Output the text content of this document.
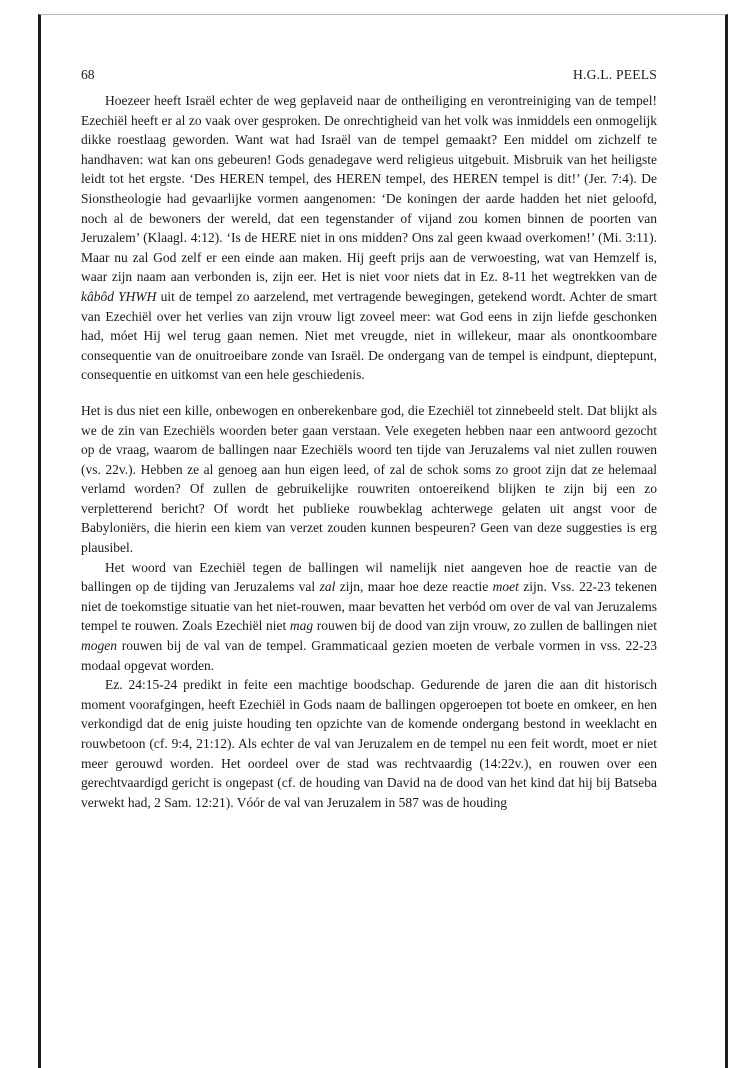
68	H.G.L. PEELS

Hoezeer heeft Israël echter de weg geplaveid naar de ontheiliging en verontreiniging van de tempel! Ezechiël heeft er al zo vaak over gesproken. De onrechtigheid van het volk was inmiddels een onmogelijk dikke roestlaag geworden. Want wat had Israël van de tempel gemaakt? Een middel om zichzelf te handhaven: wat kan ons gebeuren! Gods genadegave werd religieus uitgebuit. Misbruik van het heiligste leidt tot het ergste. ‘Des HEREN tempel, des HEREN tempel, des HEREN tempel is dit!’ (Jer. 7:4). De Sionstheologie had gevaarlijke vormen aangenomen: ‘De koningen der aarde hadden het niet geloofd, noch al de bewoners der wereld, dat een tegenstander of vijand zou komen binnen de poorten van Jeruzalem’ (Klaagl. 4:12). ‘Is de HERE niet in ons midden? Ons zal geen kwaad overkomen!’ (Mi. 3:11). Maar nu zal God zelf er een einde aan maken. Hij geeft prijs aan de verwoesting, wat van Hemzelf is, waar zijn naam aan verbonden is, zijn eer. Het is niet voor niets dat in Ez. 8-11 het wegtrekken van de kâbôd YHWH uit de tempel zo aarzelend, met vertragende bewegingen, getekend wordt. Achter de smart van Ezechiël over het verlies van zijn vrouw ligt zoveel meer: wat God eens in zijn liefde geschonken had, móet Hij wel terug gaan nemen. Niet met vreugde, niet in willekeur, maar als onontkoombare consequentie van de onuitroeibare zonde van Israël. De ondergang van de tempel is eindpunt, dieptepunt, consequentie en uitkomst van een hele geschiedenis.

Het is dus niet een kille, onbewogen en onberekenbare god, die Ezechiël tot zinnebeeld stelt. Dat blijkt als we de zin van Ezechiëls woorden beter gaan verstaan. Vele exegeten hebben naar een antwoord gezocht op de vraag, waarom de ballingen naar Ezechiëls woord ten tijde van Jeruzalems val niet zullen rouwen (vs. 22v.). Hebben ze al genoeg aan hun eigen leed, of zal de schok soms zo groot zijn dat ze helemaal verlamd worden? Of zullen de gebruikelijke rouwriten ontoereikend blijken te zijn bij een zo verpletterend bericht? Of wordt het publieke rouwbeklag achterwege gelaten uit angst voor de Babyloniërs, die hierin een kiem van verzet zouden kunnen bespeuren? Geen van deze suggesties is erg plausibel.

Het woord van Ezechiël tegen de ballingen wil namelijk niet aangeven hoe de reactie van de ballingen op de tijding van Jeruzalems val zal zijn, maar hoe deze reactie moet zijn. Vss. 22-23 tekenen niet de toekomstige situatie van het niet-rouwen, maar bevatten het verbód om over de val van Jeruzalems tempel te rouwen. Zoals Ezechiël niet mag rouwen bij de dood van zijn vrouw, zo zullen de ballingen niet mogen rouwen bij de val van de tempel. Grammaticaal gezien moeten de verbale vormen in vss. 22-23 modaal opgevat worden.

Ez. 24:15-24 predikt in feite een machtige boodschap. Gedurende de jaren die aan dit historisch moment voorafgingen, heeft Ezechiël in Gods naam de ballingen opgeroepen tot boete en omkeer, en hen verkondigd dat de enig juiste houding ten opzichte van de komende ondergang bestond in weeklacht en rouwbetoon (cf. 9:4, 21:12). Als echter de val van Jeruzalem en de tempel nu een feit wordt, moet er niet meer gerouwd worden. Het oordeel over de stad was rechtvaardig (14:22v.), en rouwen over een gerechtvaardigd gericht is ongepast (cf. de houding van David na de dood van het kind dat hij bij Batseba verwekt had, 2 Sam. 12:21). Vóór de val van Jeruzalem in 587 was de houding
